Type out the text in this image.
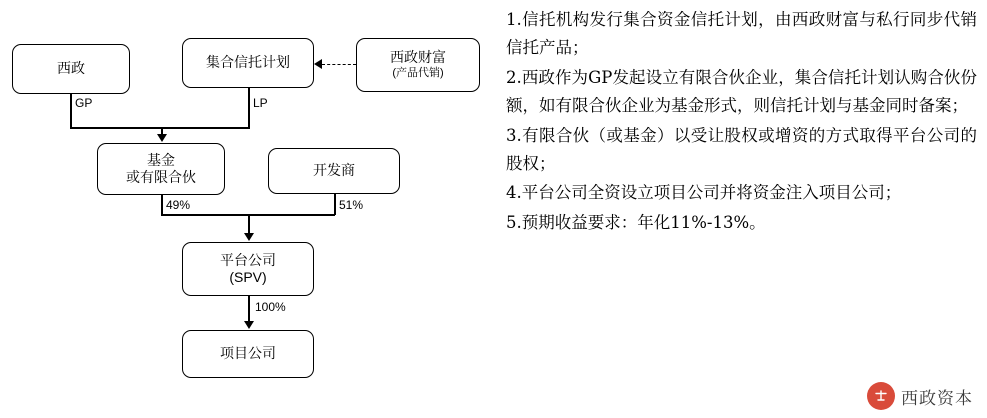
西政	集合信托计划	西政财富
(产品代销)
基金
或有限合伙	开发商
平台公司
(SPV)
项目公司
GP	LP
49%	51%
100%

1.信托机构发行集合资金信托计划，由西政财富与私行同步代销信托产品；

2.西政作为GP发起设立有限合伙企业，集合信托计划认购合伙份额，如有限合伙企业为基金形式，则信托计划与基金同时备案；

3.有限合伙（或基金）以受让股权或增资的方式取得平台公司的股权；

4.平台公司全资设立项目公司并将资金注入项目公司；

5.预期收益要求：年化11%-13%。

西政资本
